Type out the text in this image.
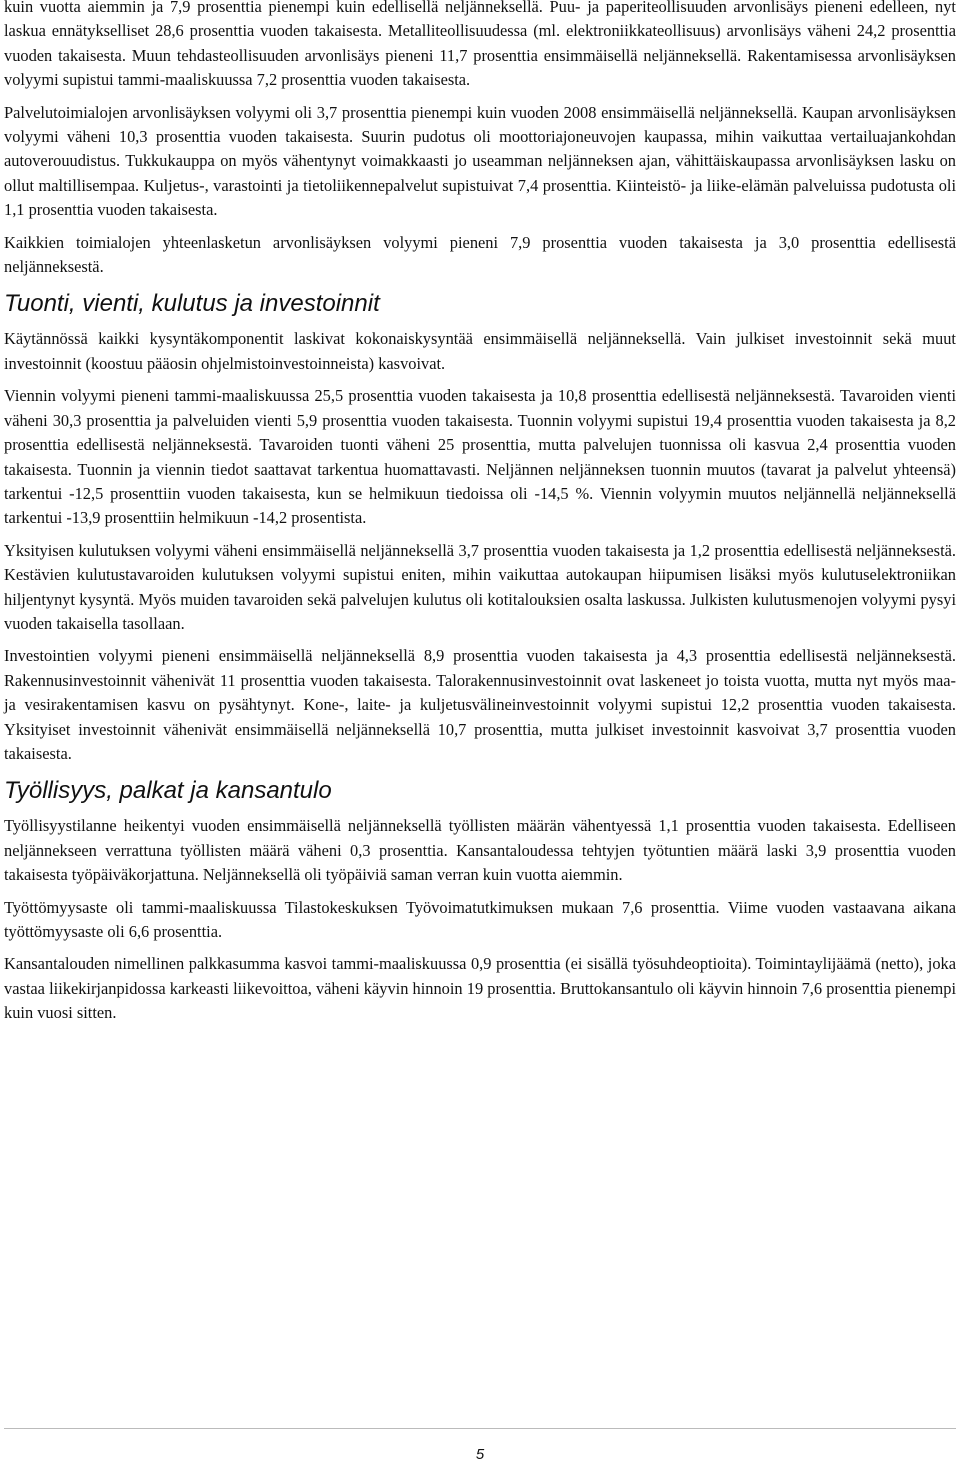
kuin vuotta aiemmin ja 7,9 prosenttia pienempi kuin edellisellä neljänneksellä. Puu- ja paperiteollisuuden arvonlisäys pieneni edelleen, nyt laskua ennätykselliset 28,6 prosenttia vuoden takaisesta. Metalliteollisuudessa (ml. elektroniikkateollisuus) arvonlisäys väheni 24,2 prosenttia vuoden takaisesta. Muun tehdasteollisuuden arvonlisäys pieneni 11,7 prosenttia ensimmäisellä neljänneksellä. Rakentamisessa arvonlisäyksen volyymi supistui tammi-maaliskuussa 7,2 prosenttia vuoden takaisesta.

Palvelutoimialojen arvonlisäyksen volyymi oli 3,7 prosenttia pienempi kuin vuoden 2008 ensimmäisellä neljänneksellä. Kaupan arvonlisäyksen volyymi väheni 10,3 prosenttia vuoden takaisesta. Suurin pudotus oli moottoriajoneuvojen kaupassa, mihin vaikuttaa vertailuajankohdan autoverouudistus. Tukkukauppa on myös vähentynyt voimakkaasti jo useamman neljänneksen ajan, vähittäiskaupassa arvonlisäyksen lasku on ollut maltillisempaa. Kuljetus-, varastointi ja tietoliikennepalvelut supistuivat 7,4 prosenttia. Kiinteistö- ja liike-elämän palveluissa pudotusta oli 1,1 prosenttia vuoden takaisesta.

Kaikkien toimialojen yhteenlasketun arvonlisäyksen volyymi pieneni 7,9 prosenttia vuoden takaisesta ja 3,0 prosenttia edellisestä neljänneksestä.

Tuonti, vienti, kulutus ja investoinnit

Käytännössä kaikki kysyntäkomponentit laskivat kokonaiskysyntää ensimmäisellä neljänneksellä. Vain julkiset investoinnit sekä muut investoinnit (koostuu pääosin ohjelmistoinvestoinneista) kasvoivat.

Viennin volyymi pieneni tammi-maaliskuussa 25,5 prosenttia vuoden takaisesta ja 10,8 prosenttia edellisestä neljänneksestä. Tavaroiden vienti väheni 30,3 prosenttia ja palveluiden vienti 5,9 prosenttia vuoden takaisesta. Tuonnin volyymi supistui 19,4 prosenttia vuoden takaisesta ja 8,2 prosenttia edellisestä neljänneksestä. Tavaroiden tuonti väheni 25 prosenttia, mutta palvelujen tuonnissa oli kasvua 2,4 prosenttia vuoden takaisesta. Tuonnin ja viennin tiedot saattavat tarkentua huomattavasti. Neljännen neljänneksen tuonnin muutos (tavarat ja palvelut yhteensä) tarkentui -12,5 prosenttiin vuoden takaisesta, kun se helmikuun tiedoissa oli -14,5 %. Viennin volyymin muutos neljännellä neljänneksellä tarkentui -13,9 prosenttiin helmikuun -14,2 prosentista.

Yksityisen kulutuksen volyymi väheni ensimmäisellä neljänneksellä 3,7 prosenttia vuoden takaisesta ja 1,2 prosenttia edellisestä neljänneksestä. Kestävien kulutustavaroiden kulutuksen volyymi supistui eniten, mihin vaikuttaa autokaupan hiipumisen lisäksi myös kulutuselektroniikan hiljentynyt kysyntä. Myös muiden tavaroiden sekä palvelujen kulutus oli kotitalouksien osalta laskussa. Julkisten kulutusmenojen volyymi pysyi vuoden takaisella tasollaan.

Investointien volyymi pieneni ensimmäisellä neljänneksellä 8,9 prosenttia vuoden takaisesta ja 4,3 prosenttia edellisestä neljänneksestä. Rakennusinvestoinnit vähenivät 11 prosenttia vuoden takaisesta. Talorakennusinvestoinnit ovat laskeneet jo toista vuotta, mutta nyt myös maa- ja vesirakentamisen kasvu on pysähtynyt. Kone-, laite- ja kuljetusvälineinvestoinnit volyymi supistui 12,2 prosenttia vuoden takaisesta. Yksityiset investoinnit vähenivät ensimmäisellä neljänneksellä 10,7 prosenttia, mutta julkiset investoinnit kasvoivat 3,7 prosenttia vuoden takaisesta.

Työllisyys, palkat ja kansantulo

Työllisyystilanne heikentyi vuoden ensimmäisellä neljänneksellä työllisten määrän vähentyessä 1,1 prosenttia vuoden takaisesta. Edelliseen neljännekseen verrattuna työllisten määrä väheni 0,3 prosenttia. Kansantaloudessa tehtyjen työtuntien määrä laski 3,9 prosenttia vuoden takaisesta työpäiväkorjattuna. Neljänneksellä oli työpäiviä saman verran kuin vuotta aiemmin.

Työttömyysaste oli tammi-maaliskuussa Tilastokeskuksen Työvoimatutkimuksen mukaan 7,6 prosenttia. Viime vuoden vastaavana aikana työttömyysaste oli 6,6 prosenttia.

Kansantalouden nimellinen palkkasumma kasvoi tammi-maaliskuussa 0,9 prosenttia (ei sisällä työsuhdeoptioita). Toimintaylijäämä (netto), joka vastaa liikekirjanpidossa karkeasti liikevoittoa, väheni käyvin hinnoin 19 prosenttia. Bruttokansantulo oli käyvin hinnoin 7,6 prosenttia pienempi kuin vuosi sitten.

5
